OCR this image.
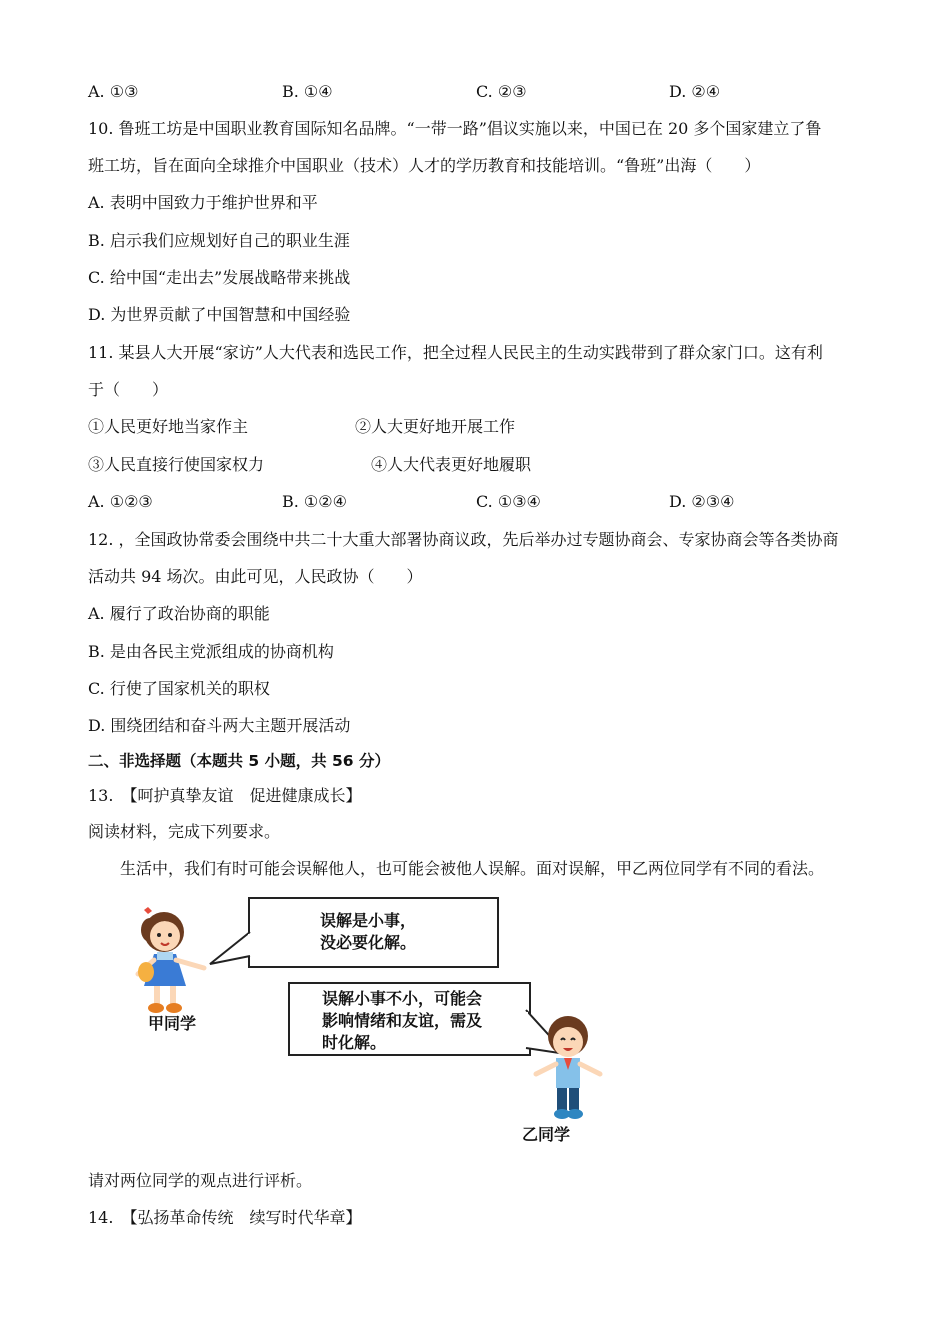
A. ①③	B. ①④	C. ②③	D. ②④
10. 鲁班工坊是中国职业教育国际知名品牌。“一带一路”倡议实施以来，中国已在 20 多个国家建立了鲁
班工坊，旨在面向全球推介中国职业（技术）人才的学历教育和技能培训。“鲁班”出海（　　）
A. 表明中国致力于维护世界和平
B. 启示我们应规划好自己的职业生涯
C. 给中国“走出去”发展战略带来挑战
D. 为世界贡献了中国智慧和中国经验
11. 某县人大开展“家访”人大代表和选民工作，把全过程人民民主的生动实践带到了群众家门口。这有利
于（　　）
①人民更好地当家作主	②人大更好地开展工作
③人民直接行使国家权力	④人大代表更好地履职
A. ①②③	B. ①②④	C. ①③④	D. ②③④
12. ，全国政协常委会围绕中共二十大重大部署协商议政，先后举办过专题协商会、专家协商会等各类协商
活动共 94 场次。由此可见，人民政协（　　）
A. 履行了政治协商的职能
B. 是由各民主党派组成的协商机构
C. 行使了国家机关的职权
D. 围绕团结和奋斗两大主题开展活动
二、非选择题（本题共 5 小题，共 56 分）
13.　【呵护真挚友谊　促进健康成长】
阅读材料，完成下列要求。
生活中，我们有时可能会误解他人，也可能会被他人误解。面对误解，甲乙两位同学有不同的看法。
甲同学
误解是小事，
没必要化解。
误解小事不小，可能会
影响情绪和友谊，需及
时化解。
乙同学
请对两位同学的观点进行评析。
14.　【弘扬革命传统　续写时代华章】
